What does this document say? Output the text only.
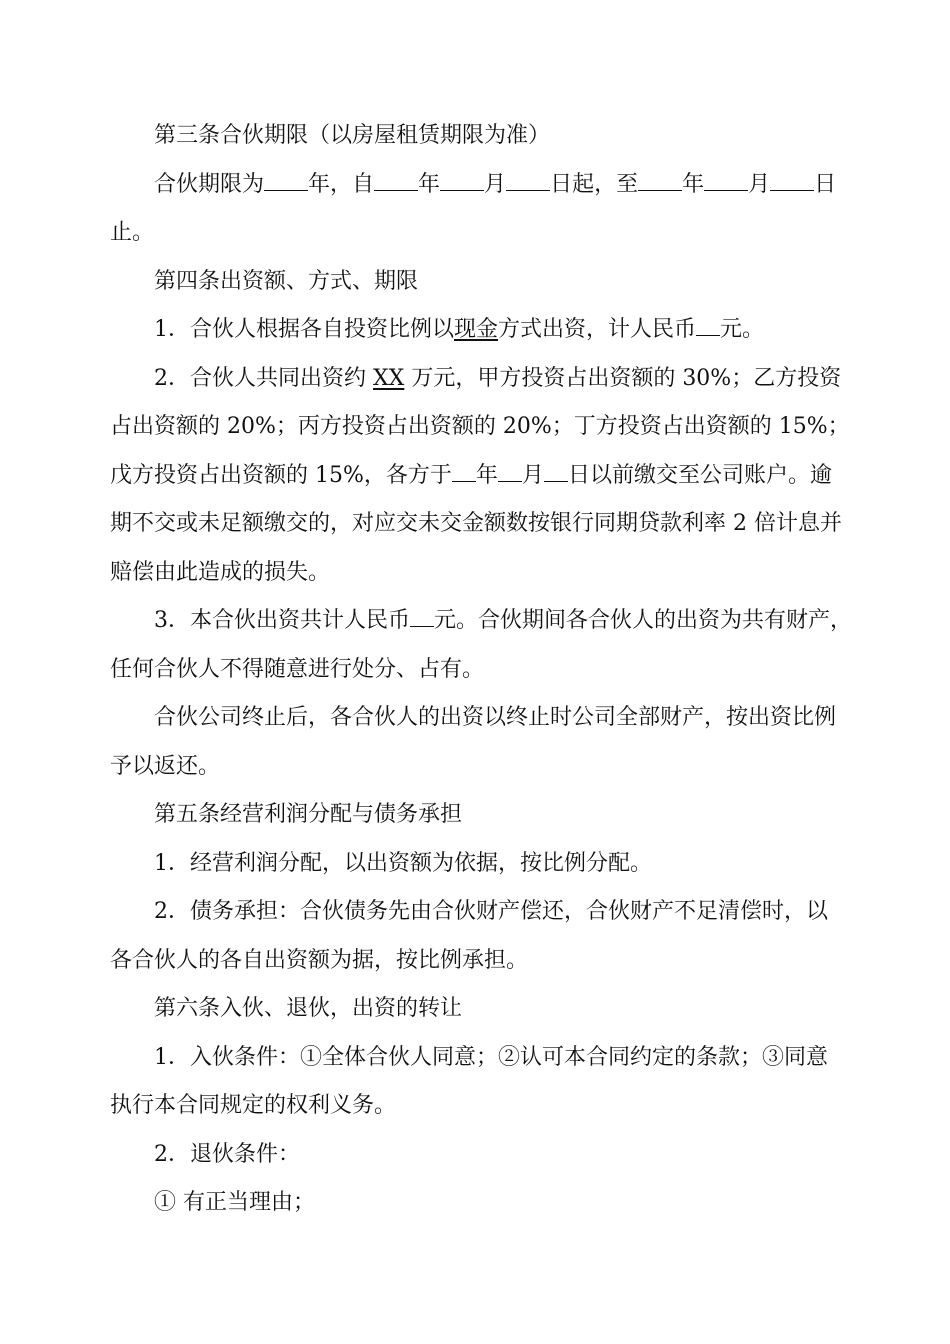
第三条合伙期限（以房屋租赁期限为准）

合伙期限为 年，自 年 月 日起，至 年 月 日

止。

第四条出资额、方式、期限

1．合伙人根据各自投资比例以现金方式出资，计人民币 元。

2．合伙人共同出资约 XX 万元，甲方投资占出资额的 30%；乙方投资

占出资额的 20%；丙方投资占出资额的 20%；丁方投资占出资额的 15%；

戊方投资占出资额的 15%，各方于 年 月 日以前缴交至公司账户。逾

期不交或未足额缴交的，对应交未交金额数按银行同期贷款利率 2 倍计息并

赔偿由此造成的损失。

3．本合伙出资共计人民币 元。合伙期间各合伙人的出资为共有财产，

任何合伙人不得随意进行处分、占有。

合伙公司终止后，各合伙人的出资以终止时公司全部财产，按出资比例

予以返还。

第五条经营利润分配与债务承担

1．经营利润分配，以出资额为依据，按比例分配。

2．债务承担：合伙债务先由合伙财产偿还，合伙财产不足清偿时，以

各合伙人的各自出资额为据，按比例承担。

第六条入伙、退伙，出资的转让

1．入伙条件：①全体合伙人同意；②认可本合同约定的条款；③同意

执行本合同规定的权利义务。

2．退伙条件：

① 有正当理由；
